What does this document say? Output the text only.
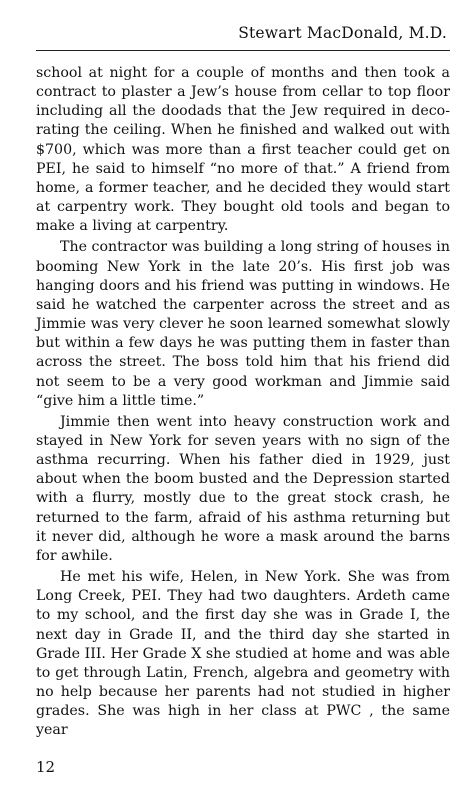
Stewart MacDonald, M.D.

school at night for a couple of months and then took a contract to plaster a Jew’s house from cellar to top floor including all the doodads that the Jew required in deco-rating the ceiling. When he finished and walked out with $700, which was more than a first teacher could get on PEI, he said to himself “no more of that.” A friend from home, a former teacher, and he decided they would start at carpentry work. They bought old tools and began to make a living at carpentry.

The contractor was building a long string of houses in booming New York in the late 20’s. His first job was hanging doors and his friend was putting in windows. He said he watched the carpenter across the street and as Jimmie was very clever he soon learned somewhat slowly but within a few days he was putting them in faster than across the street. The boss told him that his friend did not seem to be a very good workman and Jimmie said “give him a little time.”

Jimmie then went into heavy construction work and stayed in New York for seven years with no sign of the asthma recurring. When his father died in 1929, just about when the boom busted and the Depression started with a flurry, mostly due to the great stock crash, he returned to the farm, afraid of his asthma returning but it never did, although he wore a mask around the barns for awhile.

He met his wife, Helen, in New York. She was from Long Creek, PEI. They had two daughters. Ardeth came to my school, and the first day she was in Grade I, the next day in Grade II, and the third day she started in Grade III. Her Grade X she studied at home and was able to get through Latin, French, algebra and geometry with no help because her parents had not studied in higher grades. She was high in her class at PWC , the same year

12
